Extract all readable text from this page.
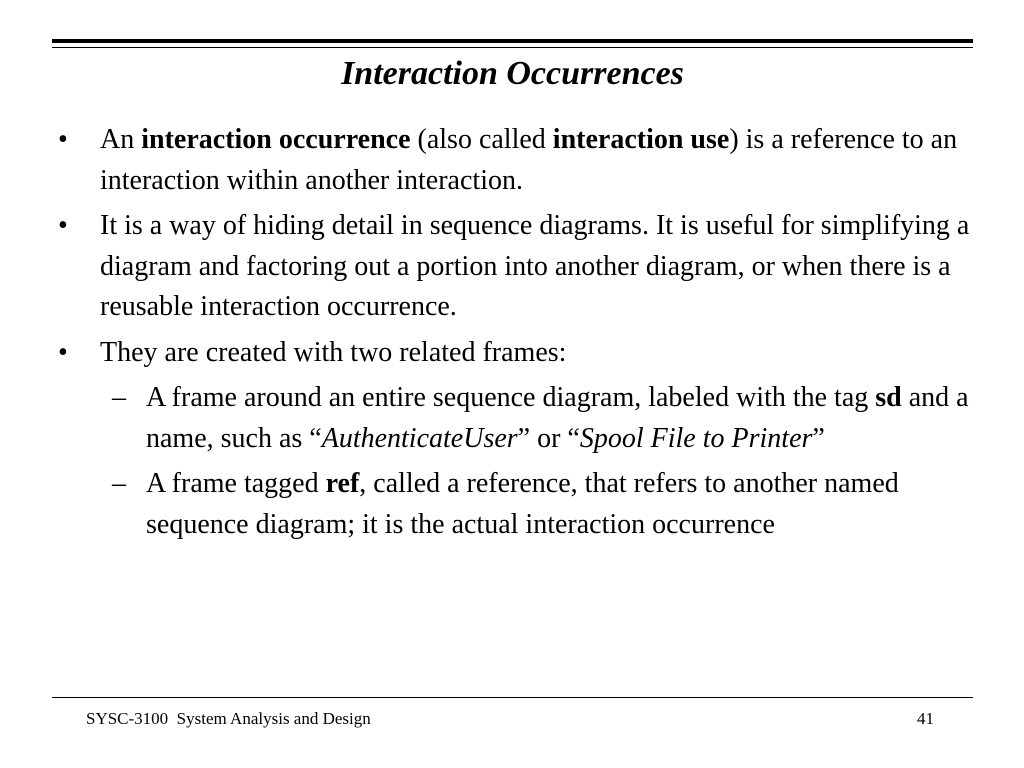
Interaction Occurrences
•	An interaction occurrence (also called interaction use) is a reference to an interaction within another interaction.
•	It is a way of hiding detail in sequence diagrams. It is useful for simplifying a diagram and factoring out a portion into another diagram, or when there is a reusable interaction occurrence.
•	They are created with two related frames:
– A frame around an entire sequence diagram, labeled with the tag sd and a name, such as “AuthenticateUser” or “Spool File to Printer”
– A frame tagged ref, called a reference, that refers to another named sequence diagram; it is the actual interaction occurrence
SYSC-3100  System Analysis and Design	41
